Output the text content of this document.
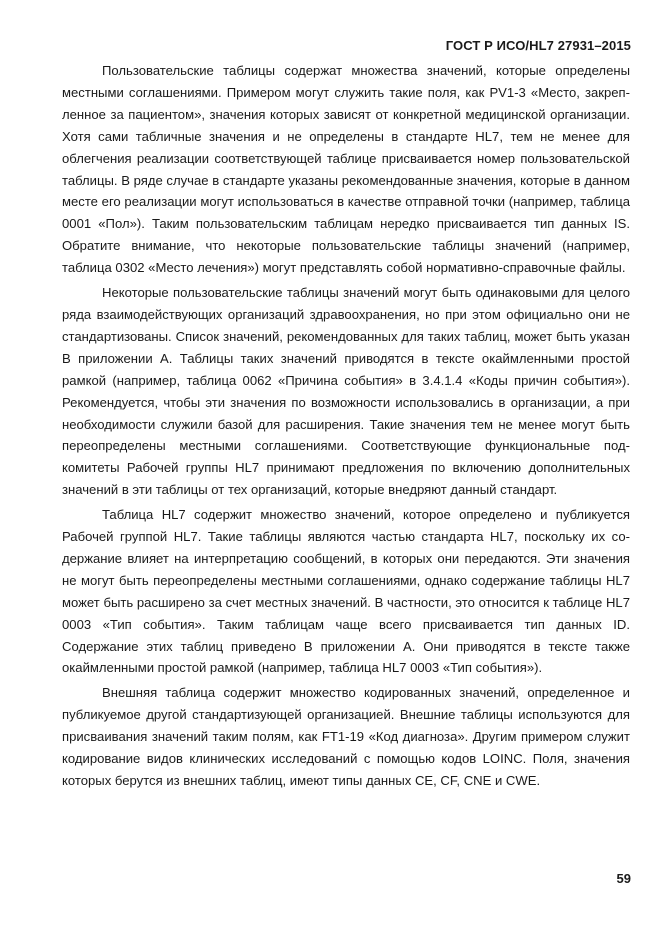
ГОСТ Р ИСО/HL7 27931–2015

Пользовательские таблицы содержат множества значений, которые определены местными соглашениями. Примером могут служить такие поля, как PV1-3 «Место, закрепленное за пациентом», значения которых зависят от конкретной медицинской организации. Хотя сами табличные значения и не определены в стандарте HL7, тем не менее для облегчения реализации соответствующей таблице присваивается номер пользовательской таблицы. В ряде случае в стандарте указаны рекомендованные значения, которые в данном месте его реализации могут использоваться в качестве отправной точки (например, таблица 0001 «Пол»). Таким пользовательским таблицам нередко присваивается тип данных IS. Обратите внимание, что некоторые пользовательские таблицы значений (например, таблица 0302 «Место лечения») могут представлять собой нормативно-справочные файлы.

Некоторые пользовательские таблицы значений могут быть одинаковыми для целого ряда взаимодействующих организаций здравоохранения, но при этом официально они не стандартизованы. Список значений, рекомендованных для таких таблиц, может быть указан В приложении А. Таблицы таких значений приводятся в тексте окаймленными простой рамкой (например, таблица 0062 «Причина события» в 3.4.1.4 «Коды причин события»). Рекомендуется, чтобы эти значения по возможности использовались в организации, а при необходимости служили базой для расширения. Такие значения тем не менее могут быть переопределены местными соглашениями. Соответствующие функциональные подкомитеты Рабочей группы HL7 принимают предложения по включению дополнительных значений в эти таблицы от тех организаций, которые внедряют данный стандарт.

Таблица HL7 содержит множество значений, которое определено и публикуется Рабочей группой HL7. Такие таблицы являются частью стандарта HL7, поскольку их содержание влияет на интерпретацию сообщений, в которых они передаются. Эти значения не могут быть переопределены местными соглашениями, однако содержание таблицы HL7 может быть расширено за счет местных значений. В частности, это относится к таблице HL7 0003 «Тип события». Таким таблицам чаще всего присваивается тип данных ID. Содержание этих таблиц приведено В приложении А. Они приводятся в тексте также окаймленными простой рамкой (например, таблица HL7 0003 «Тип события»).

Внешняя таблица содержит множество кодированных значений, определенное и публикуемое другой стандартизующей организацией. Внешние таблицы используются для присваивания значений таким полям, как FT1-19 «Код диагноза». Другим примером служит кодирование видов клинических исследований с помощью кодов LOINC. Поля, значения которых берутся из внешних таблиц, имеют типы данных CE, CF, CNE и CWE.

59
